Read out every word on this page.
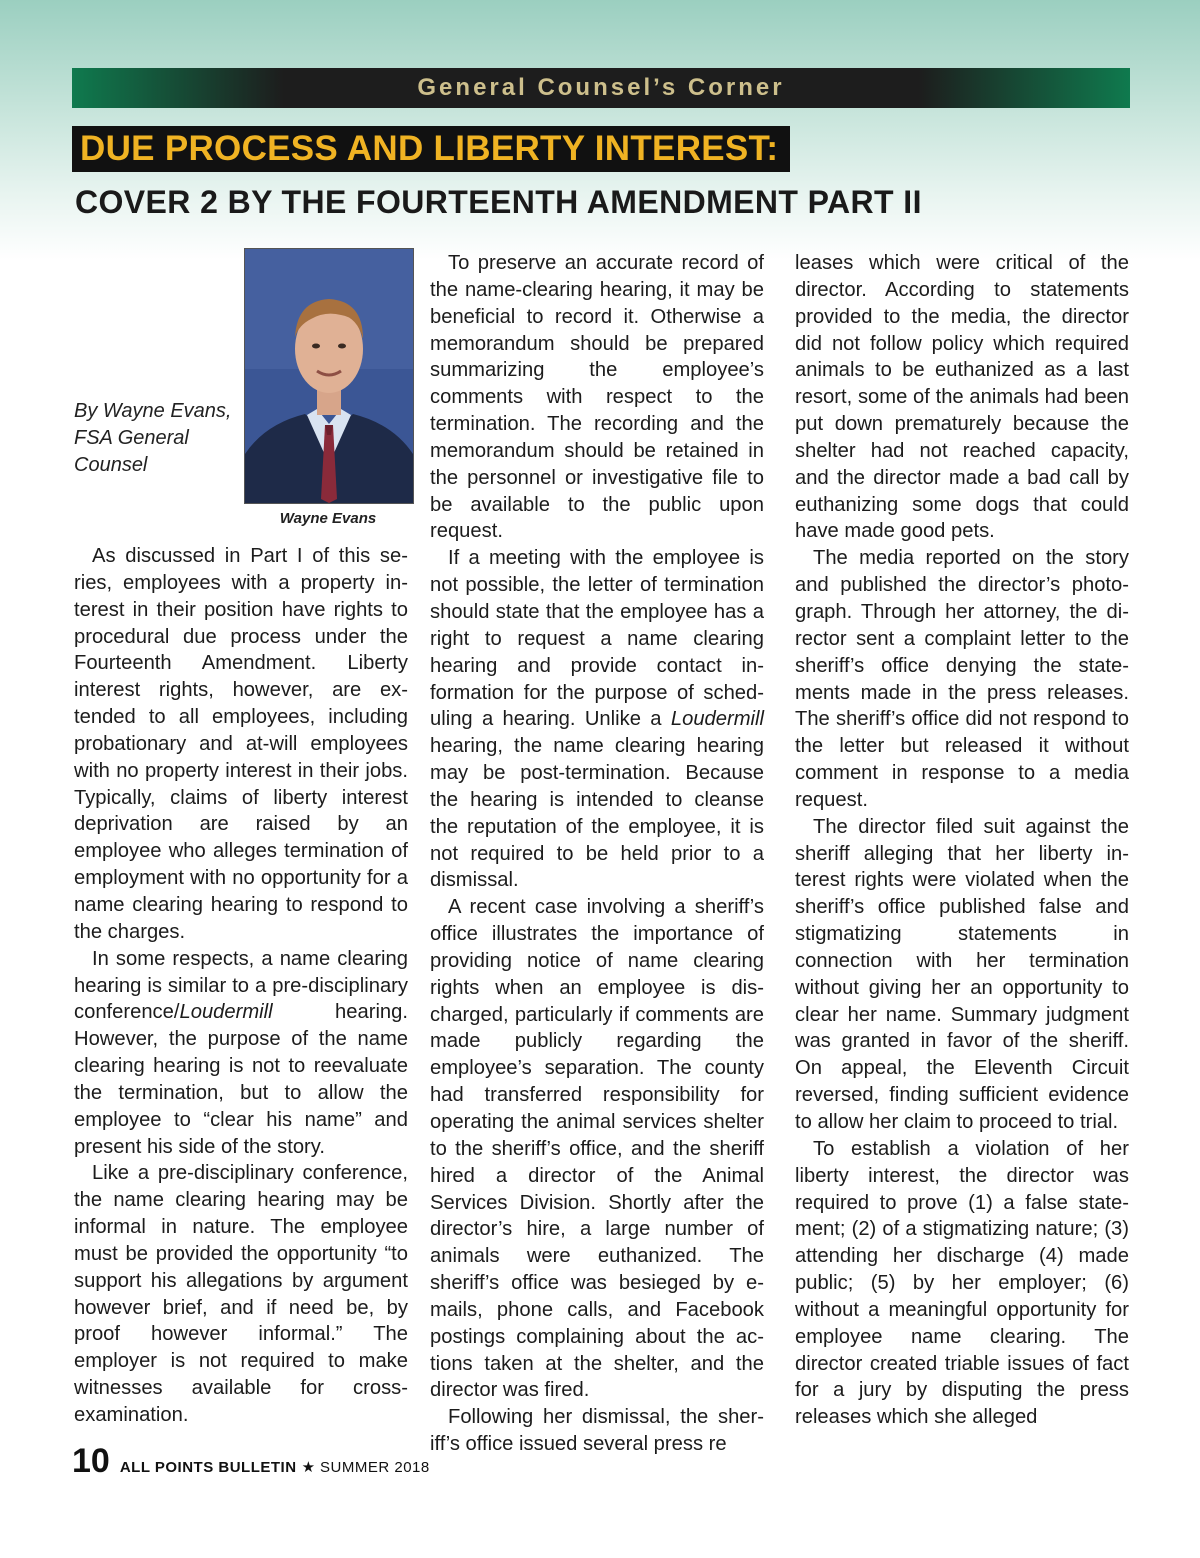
General Counsel’s Corner
DUE PROCESS AND LIBERTY INTEREST:
COVER 2 BY THE FOURTEENTH AMENDMENT PART II
By Wayne Evans,
FSA General
Counsel
Wayne Evans

As discussed in Part I of this series, employees with a property interest in their position have rights to procedural due process under the Fourteenth Amendment. Liberty interest rights, however, are extended to all employees, including probationary and at-will employees with no property interest in their jobs. Typically, claims of liberty interest deprivation are raised by an employee who alleges termination of employment with no opportunity for a name clearing hearing to respond to the charges.

In some respects, a name clearing hearing is similar to a pre-disciplinary conference/Loudermill hearing. However, the purpose of the name clearing hearing is not to reevaluate the termination, but to allow the employee to “clear his name” and present his side of the story.

Like a pre-disciplinary conference, the name clearing hearing may be informal in nature. The employee must be provided the opportunity “to support his allegations by argument however brief, and if need be, by proof however informal.” The employer is not required to make witnesses available for cross-examination.

To preserve an accurate record of the name-clearing hearing, it may be beneficial to record it. Otherwise a memorandum should be prepared summarizing the employee’s comments with respect to the termination. The recording and the memorandum should be retained in the personnel or investigative file to be available to the public upon request.

If a meeting with the employee is not possible, the letter of termination should state that the employee has a right to request a name clearing hearing and provide contact information for the purpose of scheduling a hearing. Unlike a Loudermill hearing, the name clearing hearing may be post-termination. Because the hearing is intended to cleanse the reputation of the employee, it is not required to be held prior to a dismissal.

A recent case involving a sheriff’s office illustrates the importance of providing notice of name clearing rights when an employee is discharged, particularly if comments are made publicly regarding the employee’s separation. The county had transferred responsibility for operating the animal services shelter to the sheriff’s office, and the sheriff hired a director of the Animal Services Division. Shortly after the director’s hire, a large number of animals were euthanized. The sheriff’s office was besieged by e-mails, phone calls, and Facebook postings complaining about the actions taken at the shelter, and the director was fired.

Following her dismissal, the sheriff’s office issued several press re

leases which were critical of the director. According to statements provided to the media, the director did not follow policy which required animals to be euthanized as a last resort, some of the animals had been put down prematurely because the shelter had not reached capacity, and the director made a bad call by euthanizing some dogs that could have made good pets.

The media reported on the story and published the director’s photograph. Through her attorney, the director sent a complaint letter to the sheriff’s office denying the statements made in the press releases. The sheriff’s office did not respond to the letter but released it without comment in response to a media request.

The director filed suit against the sheriff alleging that her liberty interest rights were violated when the sheriff’s office published false and stigmatizing statements in connection with her termination without giving her an opportunity to clear her name. Summary judgment was granted in favor of the sheriff. On appeal, the Eleventh Circuit reversed, finding sufficient evidence to allow her claim to proceed to trial.

To establish a violation of her liberty interest, the director was required to prove (1) a false statement; (2) of a stigmatizing nature; (3) attending her discharge (4) made public; (5) by her employer; (6) without a meaningful opportunity for employee name clearing. The director created triable issues of fact for a jury by disputing the press releases which she alleged

10 ALL POINTS BULLETIN ★ SUMMER 2018
